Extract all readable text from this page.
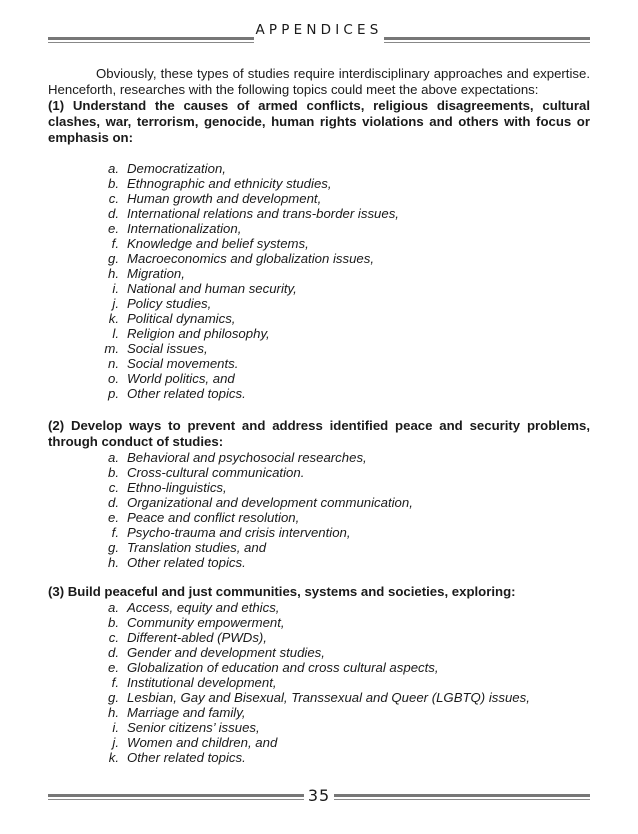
APPENDICES

Obviously, these types of studies require interdisciplinary approaches and expertise. Henceforth, researches with the following topics could meet the above expectations:

(1) Understand the causes of armed conflicts, religious disagreements, cultural clashes, war, terrorism, genocide, human rights violations and others with focus or emphasis on:

a. Democratization,
b. Ethnographic and ethnicity studies,
c. Human growth and development,
d. International relations and trans-border issues,
e. Internationalization,
f. Knowledge and belief systems,
g. Macroeconomics and globalization issues,
h. Migration,
i. National and human security,
j. Policy studies,
k. Political dynamics,
l. Religion and philosophy,
m. Social issues,
n. Social movements.
o. World politics, and
p. Other related topics.

(2) Develop ways to prevent and address identified peace and security problems, through conduct of studies:

a. Behavioral and psychosocial researches,
b. Cross-cultural communication.
c. Ethno-linguistics,
d. Organizational and development communication,
e. Peace and conflict resolution,
f. Psycho-trauma and crisis intervention,
g. Translation studies, and
h. Other related topics.

(3) Build peaceful and just communities, systems and societies, exploring:

a. Access, equity and ethics,
b. Community empowerment,
c. Different-abled (PWDs),
d. Gender and development studies,
e. Globalization of education and cross cultural aspects,
f. Institutional development,
g. Lesbian, Gay and Bisexual, Transsexual and Queer (LGBTQ) issues,
h. Marriage and family,
i. Senior citizens’ issues,
j. Women and children, and
k. Other related topics.
35
